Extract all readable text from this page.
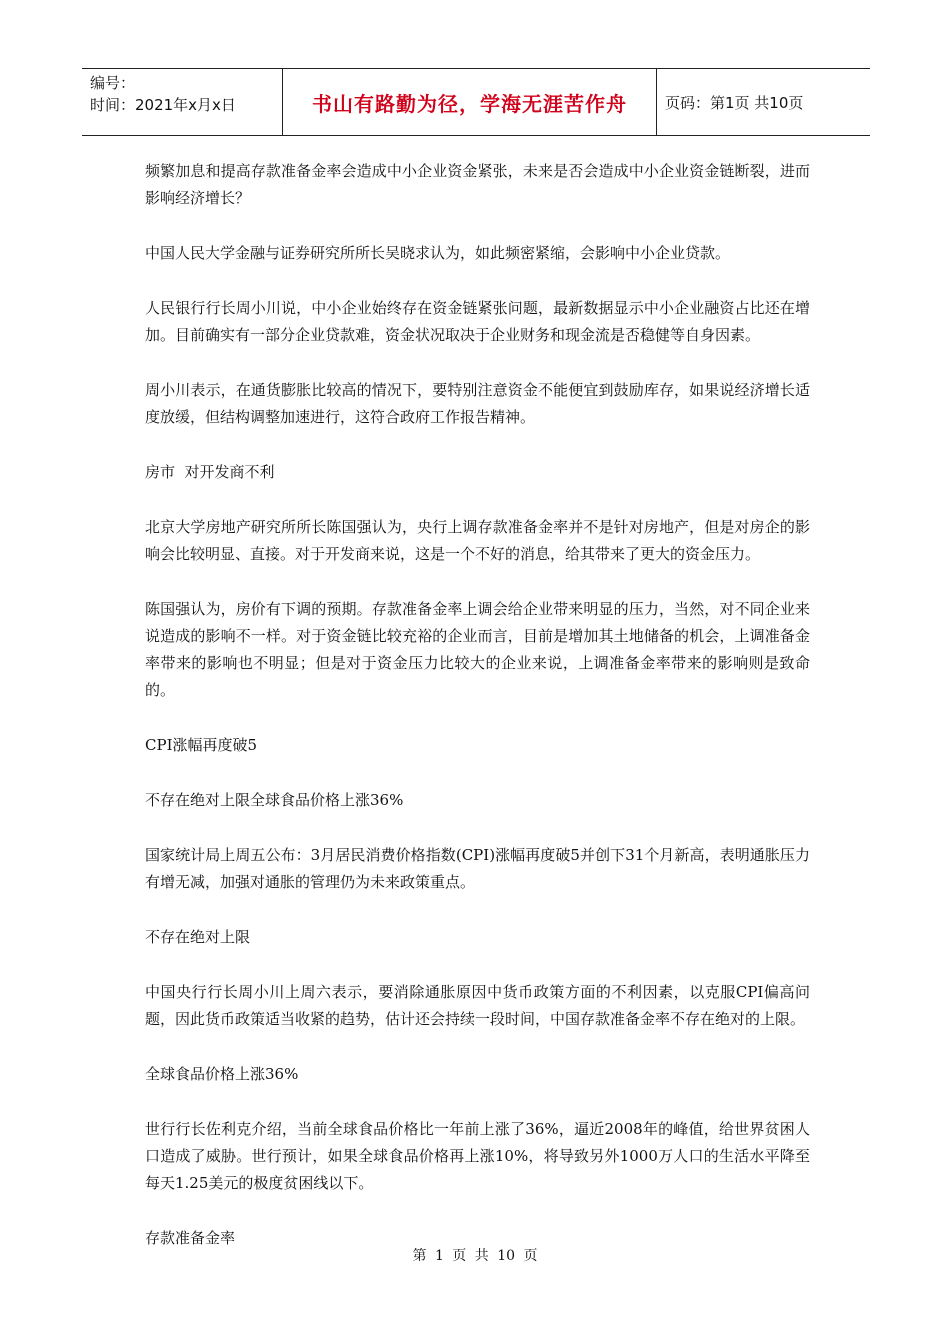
编号：
时间：2021年x月x日	书山有路勤为径，学海无涯苦作舟	页码：第1页 共10页

频繁加息和提高存款准备金率会造成中小企业资金紧张，未来是否会造成中小企业资金链断裂，进而影响经济增长？

中国人民大学金融与证券研究所所长吴晓求认为，如此频密紧缩，会影响中小企业贷款。

人民银行行长周小川说，中小企业始终存在资金链紧张问题，最新数据显示中小企业融资占比还在增加。目前确实有一部分企业贷款难，资金状况取决于企业财务和现金流是否稳健等自身因素。

周小川表示，在通货膨胀比较高的情况下，要特别注意资金不能便宜到鼓励库存，如果说经济增长适度放缓，但结构调整加速进行，这符合政府工作报告精神。

房市  对开发商不利

北京大学房地产研究所所长陈国强认为，央行上调存款准备金率并不是针对房地产，但是对房企的影响会比较明显、直接。对于开发商来说，这是一个不好的消息，给其带来了更大的资金压力。

陈国强认为，房价有下调的预期。存款准备金率上调会给企业带来明显的压力，当然，对不同企业来说造成的影响不一样。对于资金链比较充裕的企业而言，目前是增加其土地储备的机会，上调准备金率带来的影响也不明显；但是对于资金压力比较大的企业来说，上调准备金率带来的影响则是致命的。

CPI涨幅再度破5

不存在绝对上限全球食品价格上涨36%

国家统计局上周五公布：3月居民消费价格指数(CPI)涨幅再度破5并创下31个月新高，表明通胀压力有增无减，加强对通胀的管理仍为未来政策重点。

不存在绝对上限

中国央行行长周小川上周六表示，要消除通胀原因中货币政策方面的不利因素，以克服CPI偏高问题，因此货币政策适当收紧的趋势，估计还会持续一段时间，中国存款准备金率不存在绝对的上限。

全球食品价格上涨36%

世行行长佐利克介绍，当前全球食品价格比一年前上涨了36%，逼近2008年的峰值，给世界贫困人口造成了威胁。世行预计，如果全球食品价格再上涨10%，将导致另外1000万人口的生活水平降至每天1.25美元的极度贫困线以下。

存款准备金率

第 1 页 共 10 页
